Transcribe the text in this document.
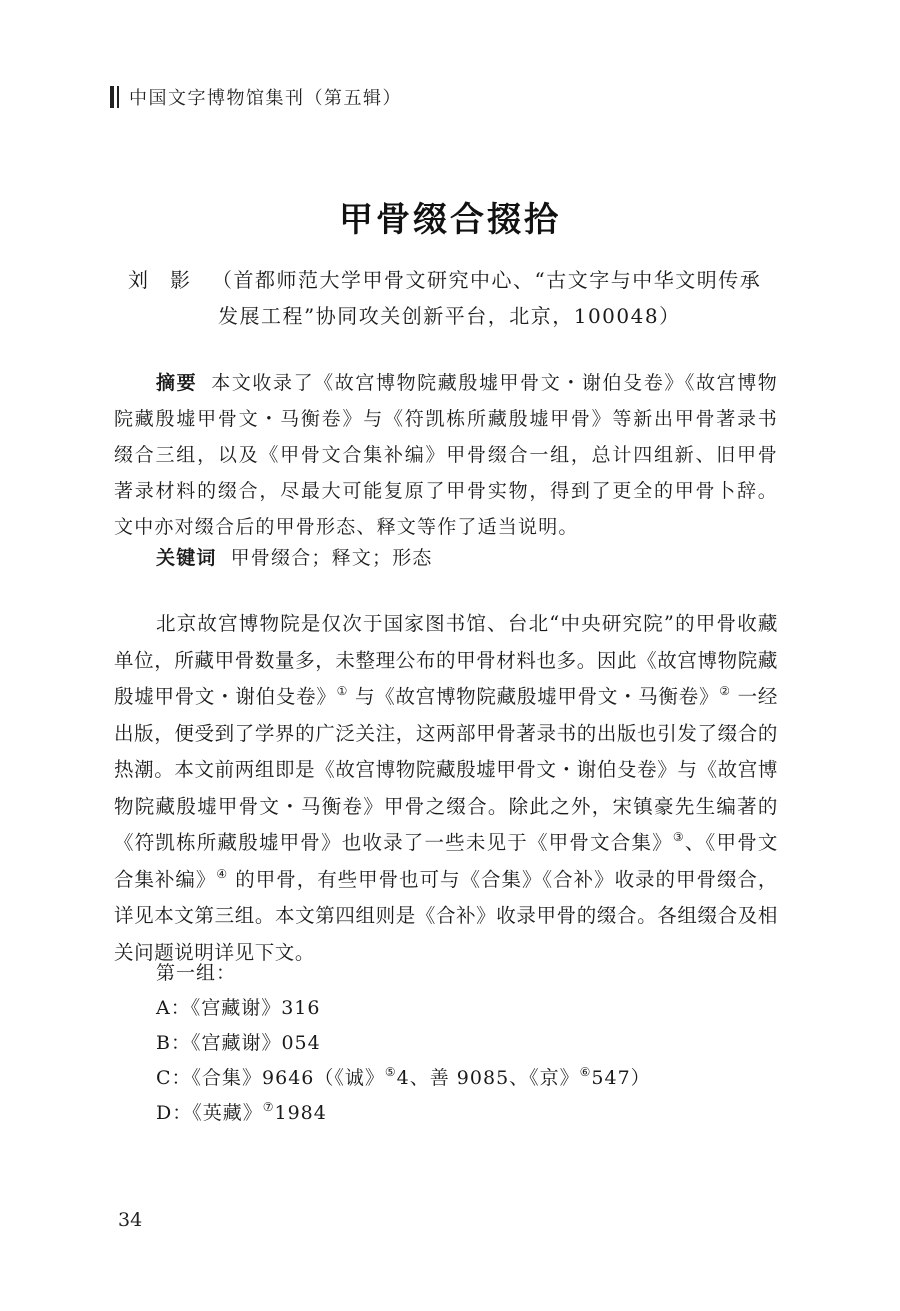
中国文字博物馆集刊（第五辑）
甲骨缀合掇拾
刘影（首都师范大学甲骨文研究中心、“古文字与中华文明传承
发展工程”协同攻关创新平台，北京，100048）
摘要 本文收录了《故宫博物院藏殷墟甲骨文・谢伯殳卷》《故宫博物院藏殷墟甲骨文・马衡卷》与《符凯栋所藏殷墟甲骨》等新出甲骨著录书缀合三组，以及《甲骨文合集补编》甲骨缀合一组，总计四组新、旧甲骨著录材料的缀合，尽最大可能复原了甲骨实物，得到了更全的甲骨卜辞。文中亦对缀合后的甲骨形态、释文等作了适当说明。
关键词 甲骨缀合；释文；形态

北京故宫博物院是仅次于国家图书馆、台北“中央研究院”的甲骨收藏单位，所藏甲骨数量多，未整理公布的甲骨材料也多。因此《故宫博物院藏殷墟甲骨文・谢伯殳卷》① 与《故宫博物院藏殷墟甲骨文・马衡卷》② 一经出版，便受到了学界的广泛关注，这两部甲骨著录书的出版也引发了缀合的热潮。本文前两组即是《故宫博物院藏殷墟甲骨文・谢伯殳卷》与《故宫博物院藏殷墟甲骨文・马衡卷》甲骨之缀合。除此之外，宋镇豪先生编著的《符凯栋所藏殷墟甲骨》也收录了一些未见于《甲骨文合集》③、《甲骨文合集补编》④ 的甲骨，有些甲骨也可与《合集》《合补》收录的甲骨缀合，详见本文第三组。本文第四组则是《合补》收录甲骨的缀合。各组缀合及相关问题说明详见下文。

第一组：
A：《宫藏谢》316
B：《宫藏谢》054
C：《合集》9646（《诚》⑤4、善 9085、《京》⑥547）
D：《英藏》⑦1984
34
